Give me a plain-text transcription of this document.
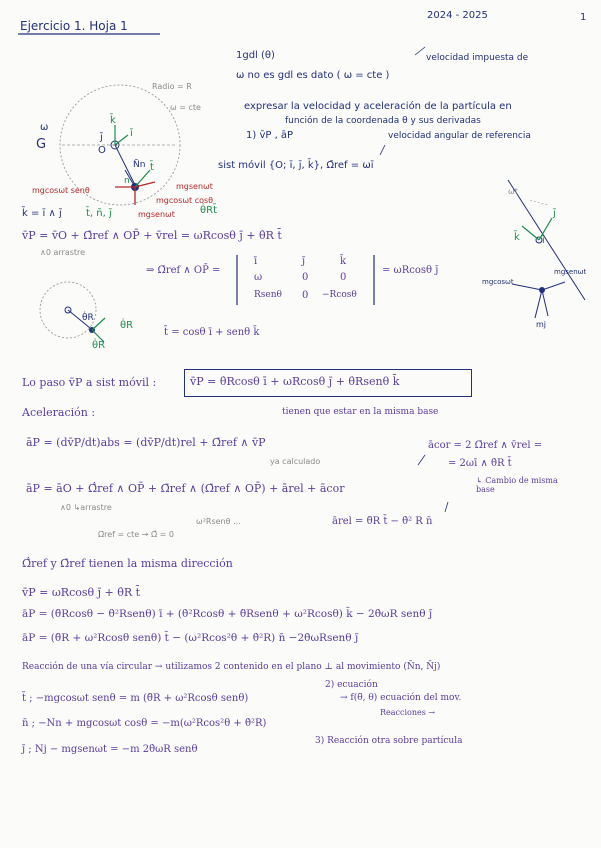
Ejercicio 1. Hoja 1
2024 - 2025	1
1gdl (θ)	velocidad impuesta de
ω no es gdl es dato ( ω = cte )
expresar la velocidad y aceleración de la partícula en
función de la coordenada θ y sus derivadas
1) v̄P , āP	velocidad angular de referencia
sist móvil {O; ī, j̄, k̄}, Ω̄ref = ωī
Radio = R
ω = cte
ω
G	O
ī
k̄
j̄
N̄n t̄
n
mgcosωt senθ	mgsenωt
mgcosωt cosθ
mgsenωt	θ̇Rt̄
k̄ = ī ∧ j̄ t̄, n̄, j̄
θ̇R
θ̇R
θ̇R
ωt
k̄ ī
j̄
mgcosωt
mgsenωt
mj
v̄P = v̄O + Ω̄ref ∧ OP̄ + v̄rel = ωRcosθ j̄ + θ̇R t̄
∧0 arrastre
⇒ Ω̄ref ∧ OP̄ =
ī	j̄	k̄
ω	0	0
Rsenθ 0 −Rcosθ
= ωRcosθ j̄
t̄ = cosθ ī + senθ k̄
Lo paso v̄P a sist móvil :	v̄P = θ̇Rcosθ ī + ωRcosθ j̄ + θ̇Rsenθ k̄
Aceleración :	tienen que estar en la misma base
āP = (dv̄P/dt)abs = (dv̄P/dt)rel + Ω̄ref ∧ v̄P
ya calculado
ācor = 2 Ω̄ref ∧ v̄rel =
= 2ωī ∧ θ̇R t̄
↳ Cambio de misma base
āP = āO + Ω̄̇ref ∧ OP̄ + Ω̄ref ∧ (Ω̄ref ∧ OP̄) + ārel + ācor
∧0 ↳arrastre
Ω̄ref = cte → Ω̄̇ = 0
ω²Rsenθ ...	ārel = θ̈R t̄ − θ̇² R n̄
Ω̄̇ref y Ω̄ref tienen la misma dirección
v̄P = ωRcosθ j̄ + θ̇R t̄
āP = (θ̈Rcosθ − θ̇²Rsenθ) ī + (θ̇²Rcosθ + θ̈Rsenθ + ω²Rcosθ) k̄ − 2θ̇ωR senθ j̄
āP = (θ̈R + ω²Rcosθ senθ) t̄ − (ω²Rcos²θ + θ̇²R) n̄ −2θ̇ωRsenθ j̄
Reacción de una vía circular → utilizamos 2 contenido en el plano ⊥ al movimiento (N̄n, N̄j)
2) ecuación
t̄ ; −mgcosωt senθ = m (θ̈R + ω²Rcosθ senθ)	→ f(θ̈, θ) ecuación del mov.
Reacciones →
n̄ ; −Nn + mgcosωt cosθ = −m(ω²Rcos²θ + θ̇²R)
j̄ ; Nj − mgsenωt = −m 2θ̇ωR senθ
3) Reacción otra sobre partícula
